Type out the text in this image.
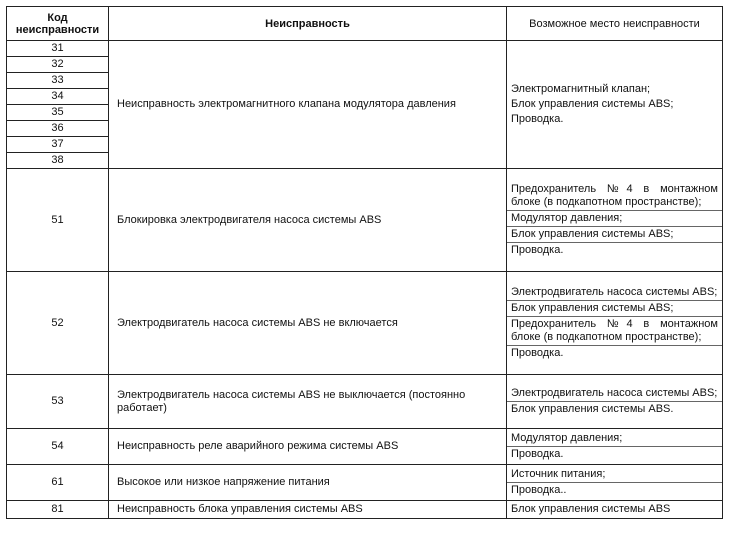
Код неисправности	Неисправность	Возможное место неисправности
31	Неисправность электромагнитного клапана модулятора давления	Электромагнитный клапан;
Блок управления системы ABS;
Проводка.

32		
33		
34		
35		
36		
37		
38		
51	Блокировка электродвигателя насоса системы ABS	Предохранитель №4 в монтажном блоке (в подкапотном пространстве);
Модулятор давления;
Блок управления системы ABS;
Проводка.

52	Электродвигатель насоса системы ABS не включается	Электродвигатель насоса системы ABS;
Блок управления системы ABS;
Предохранитель №4 в монтажном блоке (в подкапотном пространстве);
Проводка.

53	Электродвигатель насоса системы ABS не выключается (постоянно работает)	Электродвигатель насоса системы ABS;
Блок управления системы ABS.

54	Неисправность реле аварийного режима системы ABS	Модулятор давления;
Проводка.

61	Высокое или низкое напряжение питания	Источник питания;
Проводка..

81	Неисправность блока управления системы ABS	Блок управления системы ABS
